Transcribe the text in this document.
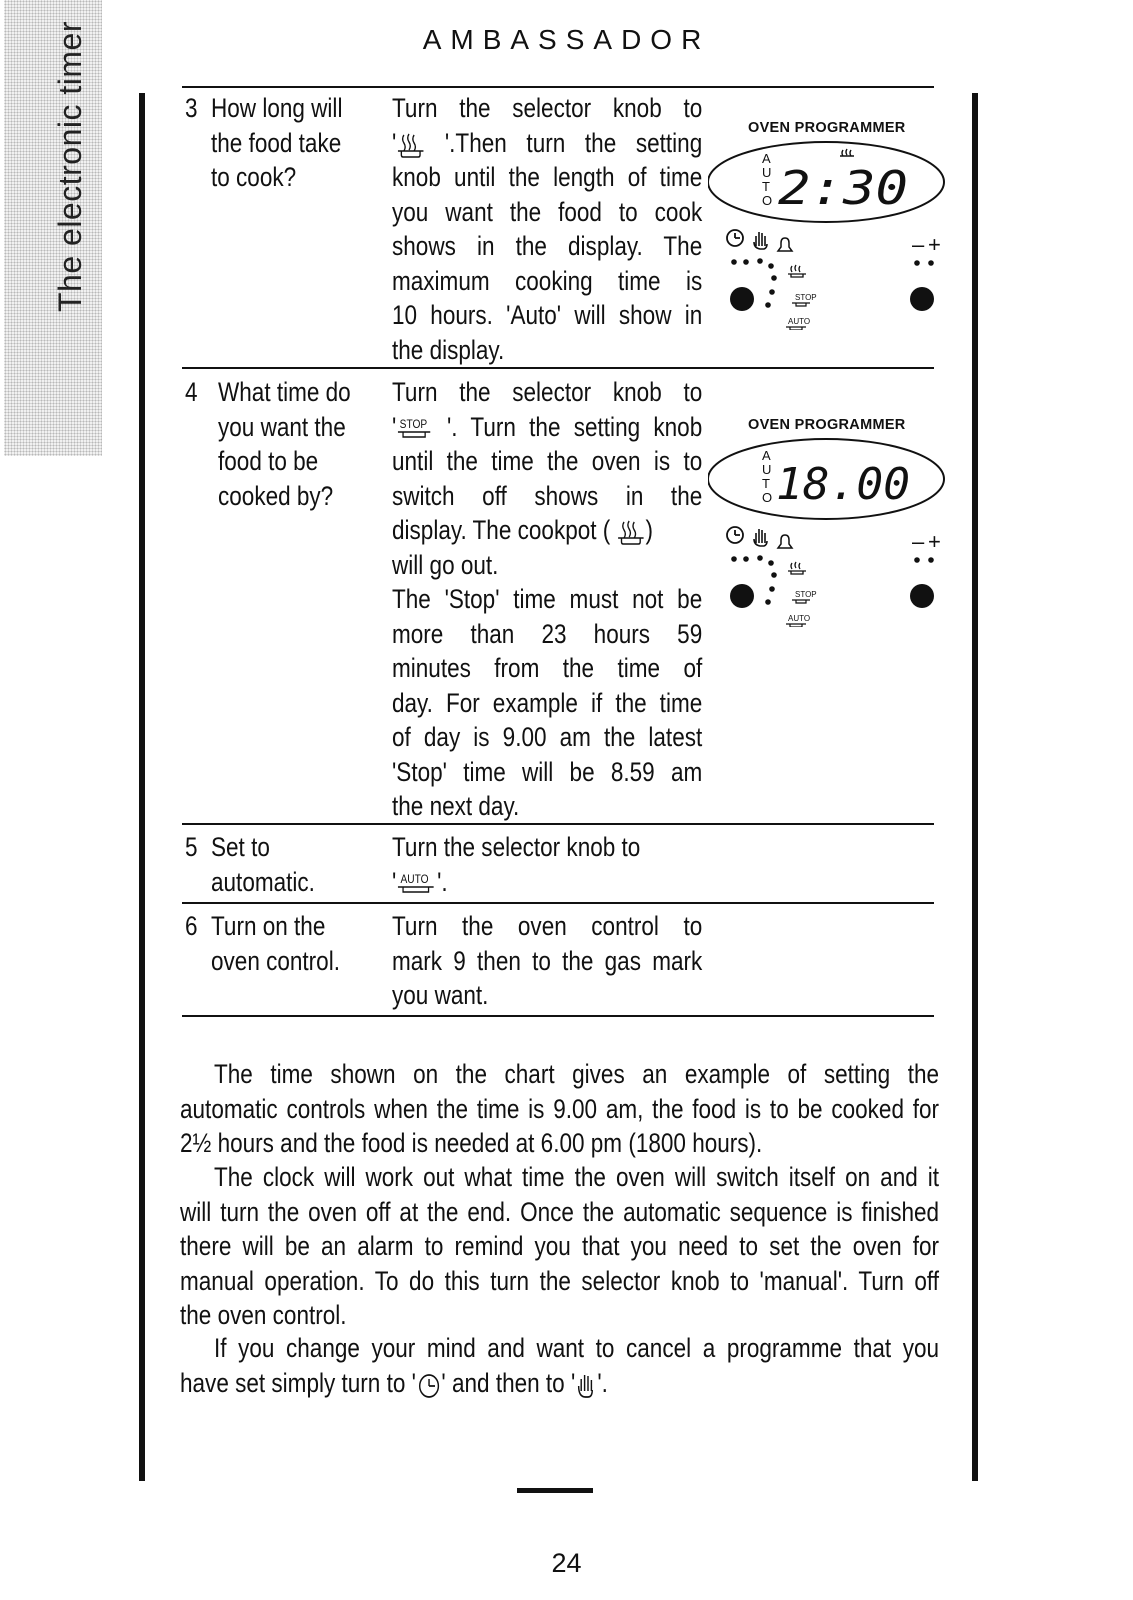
The electronic timer	AMBASSADOR
3 How long will
the food take
to cook?
Turn the selector knob to
' '.Then turn the setting
knob until the length of time
you want the food to cook
shows in the display. The
maximum cooking time is
10 hours. 'Auto' will show in
the display.
OVEN PROGRAMMER
A
U
T
O 2:30
STOP
AUTO
– +
4 What time do
you want the
food to be
cooked by?
Turn the selector knob to
' STOP '. Turn the setting knob
until the time the oven is to
switch off shows in the
display. The cookpot ( )
will go out.
The 'Stop' time must not be
more than 23 hours 59
minutes from the time of
day. For example if the time
of day is 9.00 am the latest
'Stop' time will be 8.59 am
the next day.
OVEN PROGRAMMER
A
U
T
O 18.00
STOP
AUTO
– +
5 Set to
automatic.
Turn the selector knob to
' AUTO '.
6 Turn on the
oven control.
Turn the oven control to
mark 9 then to the gas mark
you want.
The time shown on the chart gives an example of setting the
automatic controls when the time is 9.00 am, the food is to be cooked for
2½ hours and the food is needed at 6.00 pm (1800 hours).
The clock will work out what time the oven will switch itself on and it
will turn the oven off at the end. Once the automatic sequence is finished
there will be an alarm to remind you that you need to set the oven for
manual operation. To do this turn the selector knob to 'manual'. Turn off
the oven control.
If you change your mind and want to cancel a programme that you
have set simply turn to ' ' and then to ' '.
24
